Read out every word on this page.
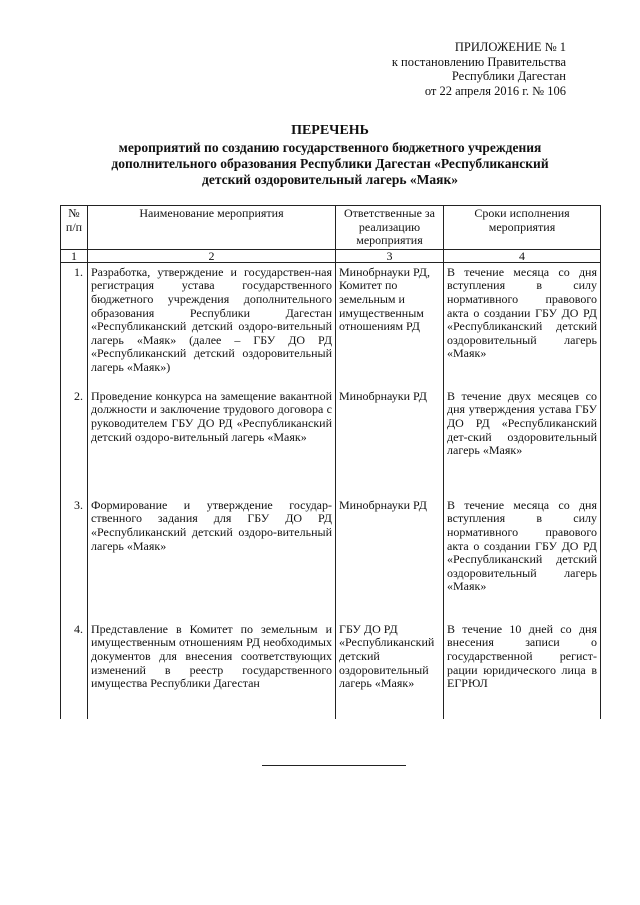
ПРИЛОЖЕНИЕ № 1
к постановлению Правительства
Республики Дагестан
от 22 апреля 2016 г. № 106
ПЕРЕЧЕНЬ
мероприятий по созданию государственного бюджетного учреждения
дополнительного образования Республики Дагестан «Республиканский
детский оздоровительный лагерь «Маяк»
№ п/п	Наименование мероприятия	Ответственные за реализацию мероприятия	Сроки исполнения мероприятия
1	2	3	4
1.	Разработка, утверждение и государствен-ная регистрация устава государственного бюджетного учреждения дополнительного образования Республики Дагестан «Республиканский детский оздоро-вительный лагерь «Маяк» (далее – ГБУ ДО РД «Республиканский детский оздоровительный лагерь «Маяк»)	Минобрнауки РД, Комитет по земельным и имущественным отношениям РД	В течение месяца со дня вступления в силу нормативного правового акта о создании ГБУ ДО РД «Республиканский детский оздоровительный лагерь «Маяк»
2.	Проведение конкурса на замещение вакантной должности и заключение трудового договора с руководителем ГБУ ДО РД «Республиканский детский оздоро-вительный лагерь «Маяк»	Минобрнауки РД	В течение двух месяцев со дня утверждения устава ГБУ ДО РД «Республиканский дет-ский оздоровительный лагерь «Маяк»
3.	Формирование и утверждение государ-ственного задания для ГБУ ДО РД «Республиканский детский оздоро-вительный лагерь «Маяк»	Минобрнауки РД	В течение месяца со дня вступления в силу нормативного правового акта о создании ГБУ ДО РД «Республиканский детский оздоровительный лагерь «Маяк»
4.	Представление в Комитет по земельным и имущественным отношениям РД необходимых документов для внесения соответствующих изменений в реестр государственного имущества Республики Дагестан	ГБУ ДО РД «Республиканский детский оздоровительный лагерь «Маяк»	В течение 10 дней со дня внесения записи о государственной регист-рации юридического лица в ЕГРЮЛ
